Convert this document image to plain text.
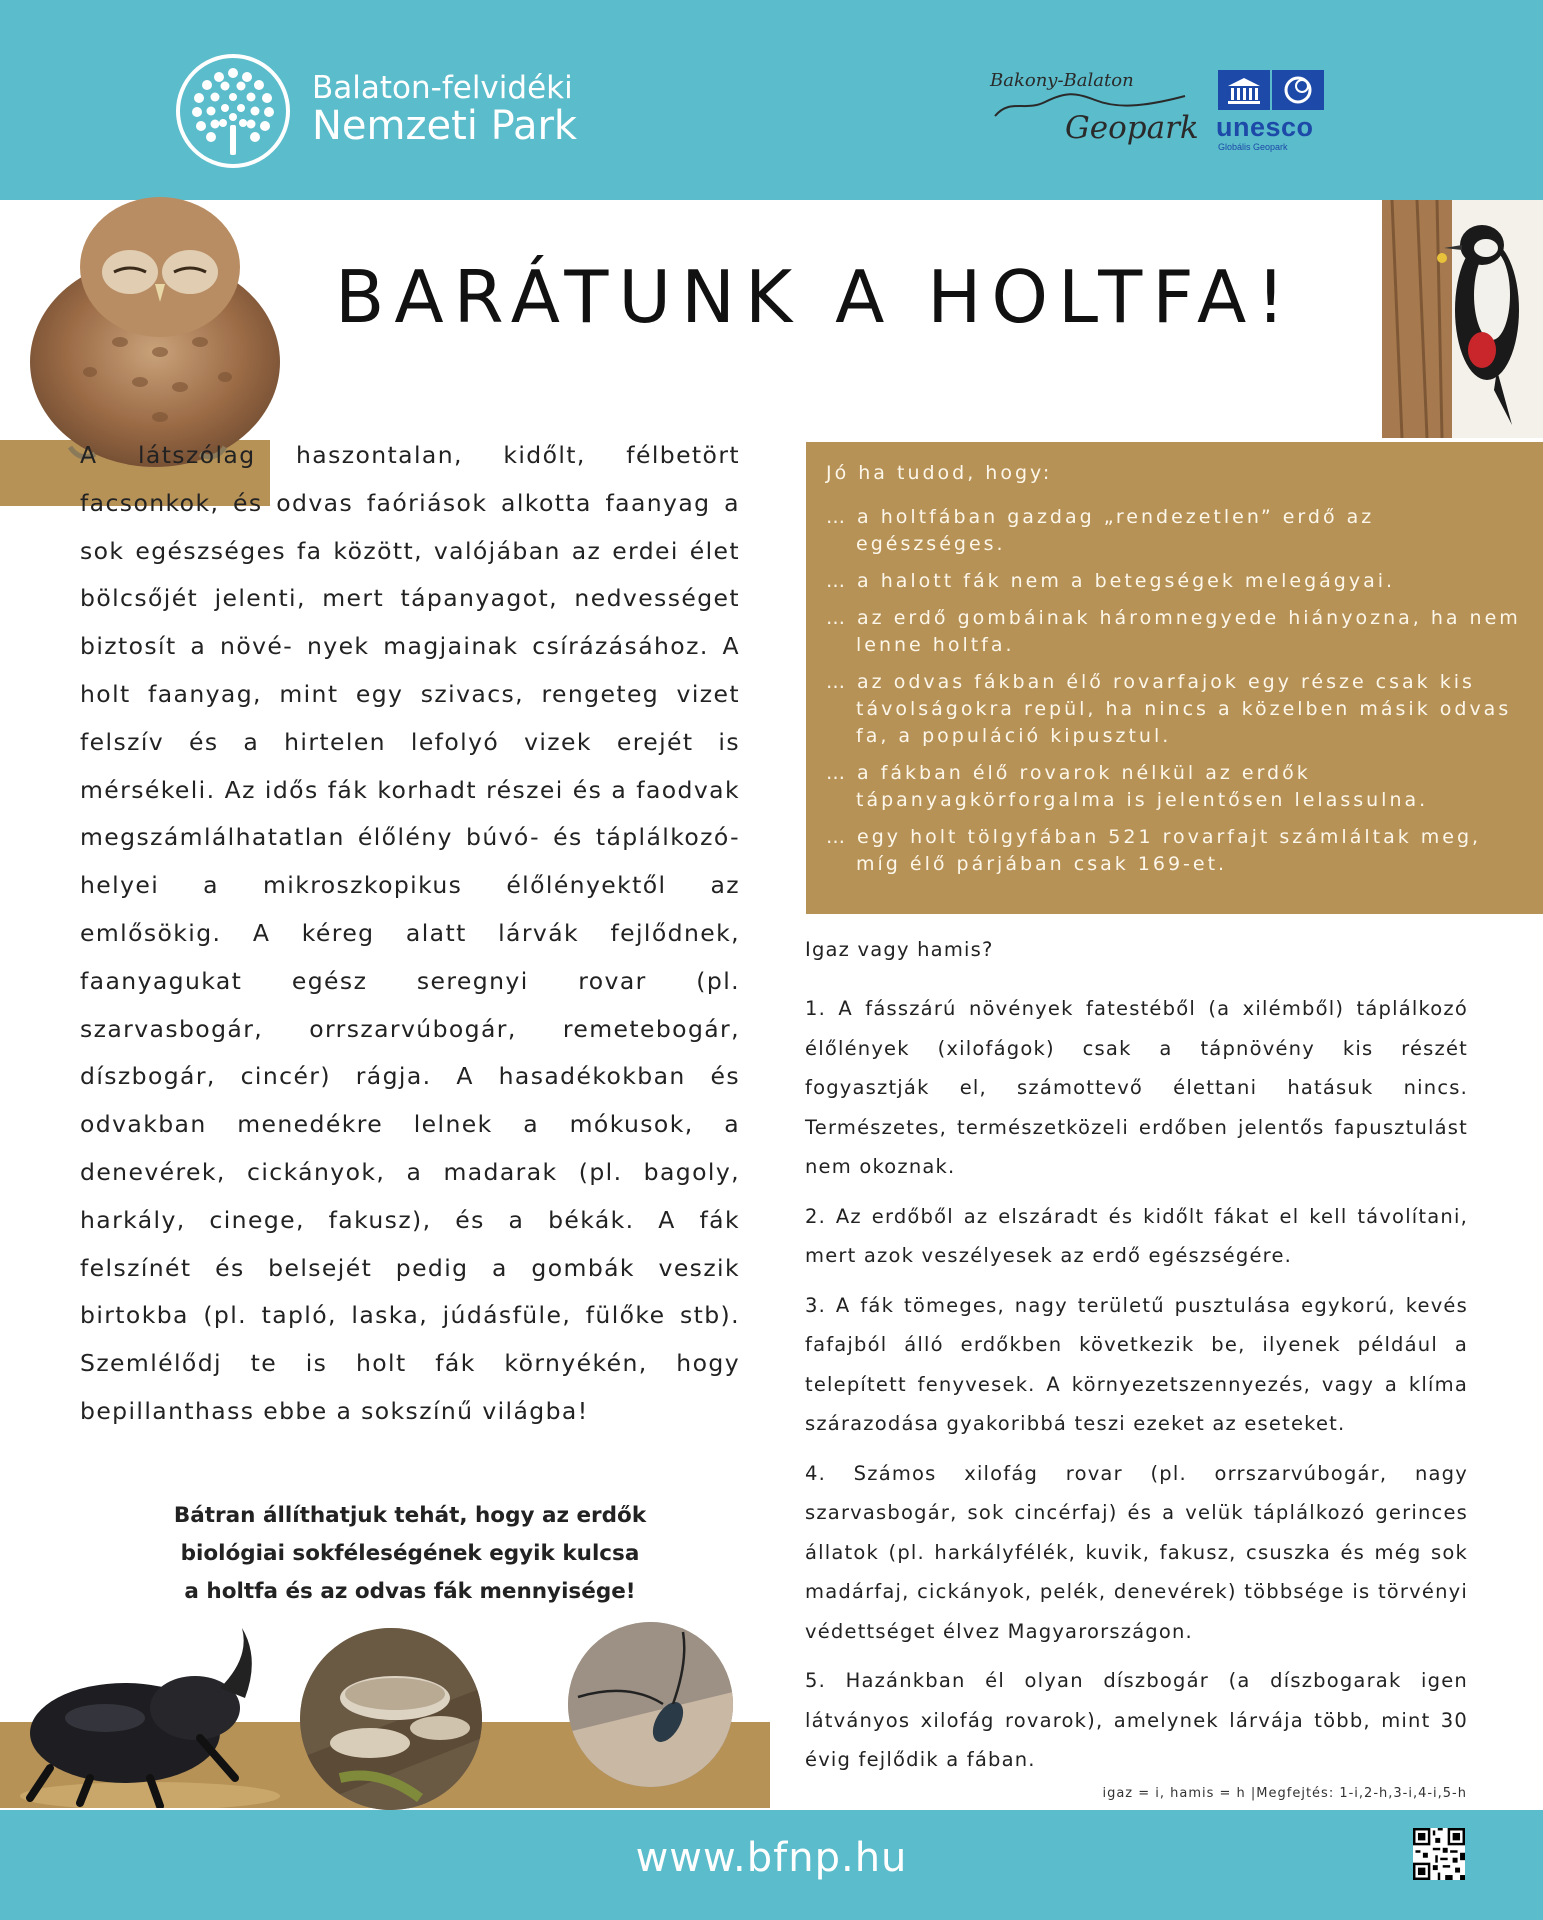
Balaton-felvidéki
Nemzeti Park
Bakony-Balaton
Geopark unesco
Globális Geopark
BARÁTUNK A HOLTFA!
A látszólag haszontalan, kidőlt, félbetört facsonkok, és odvas faóriások alkotta faanyag a sok egészséges fa között, valójában az erdei élet bölcsőjét jelenti, mert tápanyagot, nedvességet biztosít a növé- nyek magjainak csírázásához. A holt faanyag, mint egy szivacs, rengeteg vizet felszív és a hirtelen lefolyó vizek erejét is mérsékeli. Az idős fák korhadt részei és a faodvak megszámlálhatatlan élőlény búvó- és táplálkozó- helyei a mikroszkopikus élőlényektől az emlősökig. A kéreg alatt lárvák fejlődnek, faanyagukat egész seregnyi rovar (pl. szarvasbogár, orrszarvúbogár, remetebogár, díszbogár, cincér) rágja. A hasadékokban és odvakban menedékre lelnek a mókusok, a denevérek, cickányok, a madarak (pl. bagoly, harkály, cinege, fakusz), és a békák. A fák felszínét és belsejét pedig a gombák veszik birtokba (pl. tapló, laska, júdásfüle, fülőke stb). Szemlélődj te is holt fák környékén, hogy bepillanthass ebbe a sokszínű világba!
Bátran állíthatjuk tehát, hogy az erdők
biológiai sokféleségének egyik kulcsa
a holtfa és az odvas fák mennyisége!
Jó ha tudod, hogy:
… a holtfában gazdag „rendezetlen” erdő az egészséges.
… a halott fák nem a betegségek melegágyai.
… az erdő gombáinak háromnegyede hiányozna, ha nem lenne holtfa.
… az odvas fákban élő rovarfajok egy része csak kis távolságokra repül, ha nincs a közelben másik odvas fa, a populáció kipusztul.
… a fákban élő rovarok nélkül az erdők tápanyagkörforgalma is jelentősen lelassulna.
… egy holt tölgyfában 521 rovarfajt számláltak meg, míg élő párjában csak 169-et.
Igaz vagy hamis?
1. A fásszárú növények fatestéből (a xilémből) táplálkozó élőlények (xilofágok) csak a tápnövény kis részét fogyasztják el, számottevő élettani hatásuk nincs. Természetes, természetközeli erdőben jelentős fapusztulást nem okoznak.
2. Az erdőből az elszáradt és kidőlt fákat el kell távolítani, mert azok veszélyesek az erdő egészségére.
3. A fák tömeges, nagy területű pusztulása egykorú, kevés fafajból álló erdőkben következik be, ilyenek például a telepített fenyvesek. A környezetszennyezés, vagy a klíma szárazodása gyakoribbá teszi ezeket az eseteket.
4. Számos xilofág rovar (pl. orrszarvúbogár, nagy szarvasbogár, sok cincérfaj) és a velük táplálkozó gerinces állatok (pl. harkályfélék, kuvik, fakusz, csuszka és még sok madárfaj, cickányok, pelék, denevérek) többsége is törvényi védettséget élvez Magyarországon.
5. Hazánkban él olyan díszbogár (a díszbogarak igen látványos xilofág rovarok), amelynek lárvája több, mint 30 évig fejlődik a fában.
igaz = i, hamis = h |Megfejtés: 1-i,2-h,3-i,4-i,5-h
www.bfnp.hu
